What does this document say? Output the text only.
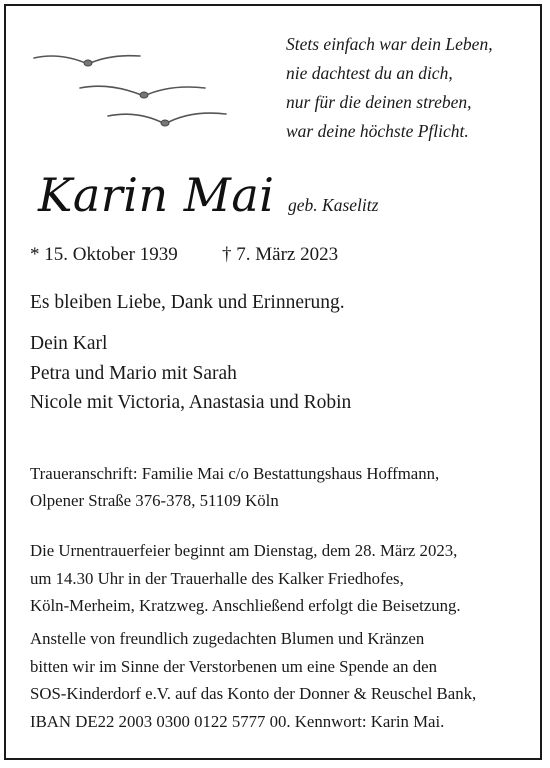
Stets einfach war dein Leben,
nie dachtest du an dich,
nur für die deinen streben,
war deine höchste Pflicht.
Karin Mai geb. Kaselitz
* 15. Oktober 1939 † 7. März 2023
Es bleiben Liebe, Dank und Erinnerung.
Dein Karl
Petra und Mario mit Sarah
Nicole mit Victoria, Anastasia und Robin
Traueranschrift: Familie Mai c/o Bestattungshaus Hoffmann,
Olpener Straße 376-378, 51109 Köln
Die Urnentrauerfeier beginnt am Dienstag, dem 28. März 2023,
um 14.30 Uhr in der Trauerhalle des Kalker Friedhofes,
Köln-Merheim, Kratzweg. Anschließend erfolgt die Beisetzung.
Anstelle von freundlich zugedachten Blumen und Kränzen
bitten wir im Sinne der Verstorbenen um eine Spende an den
SOS-Kinderdorf e.V. auf das Konto der Donner & Reuschel Bank,
IBAN DE22 2003 0300 0122 5777 00. Kennwort: Karin Mai.
